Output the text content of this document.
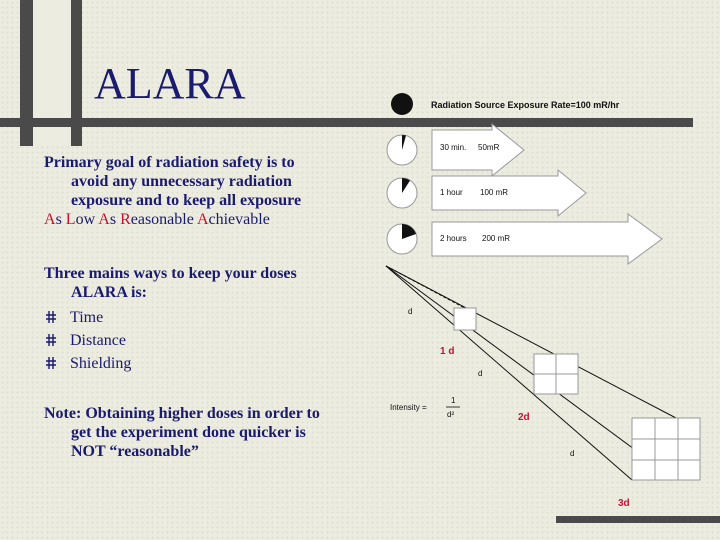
ALARA
Primary goal of radiation safety is to
avoid any unnecessary radiation
exposure and to keep all exposure
As Low As Reasonable Achievable
Three mains ways to keep your doses
ALARA is:
Time
Distance
Shielding
Note: Obtaining higher doses in order to
get the experiment done quicker is
NOT “reasonable”
Radiation Source Exposure Rate=100 mR/hr
30 min. 50mR
1 hour 100 mR
2 hours 200 mR
d
d
d
1 d
2d
3d
Intensity =
1
d²
